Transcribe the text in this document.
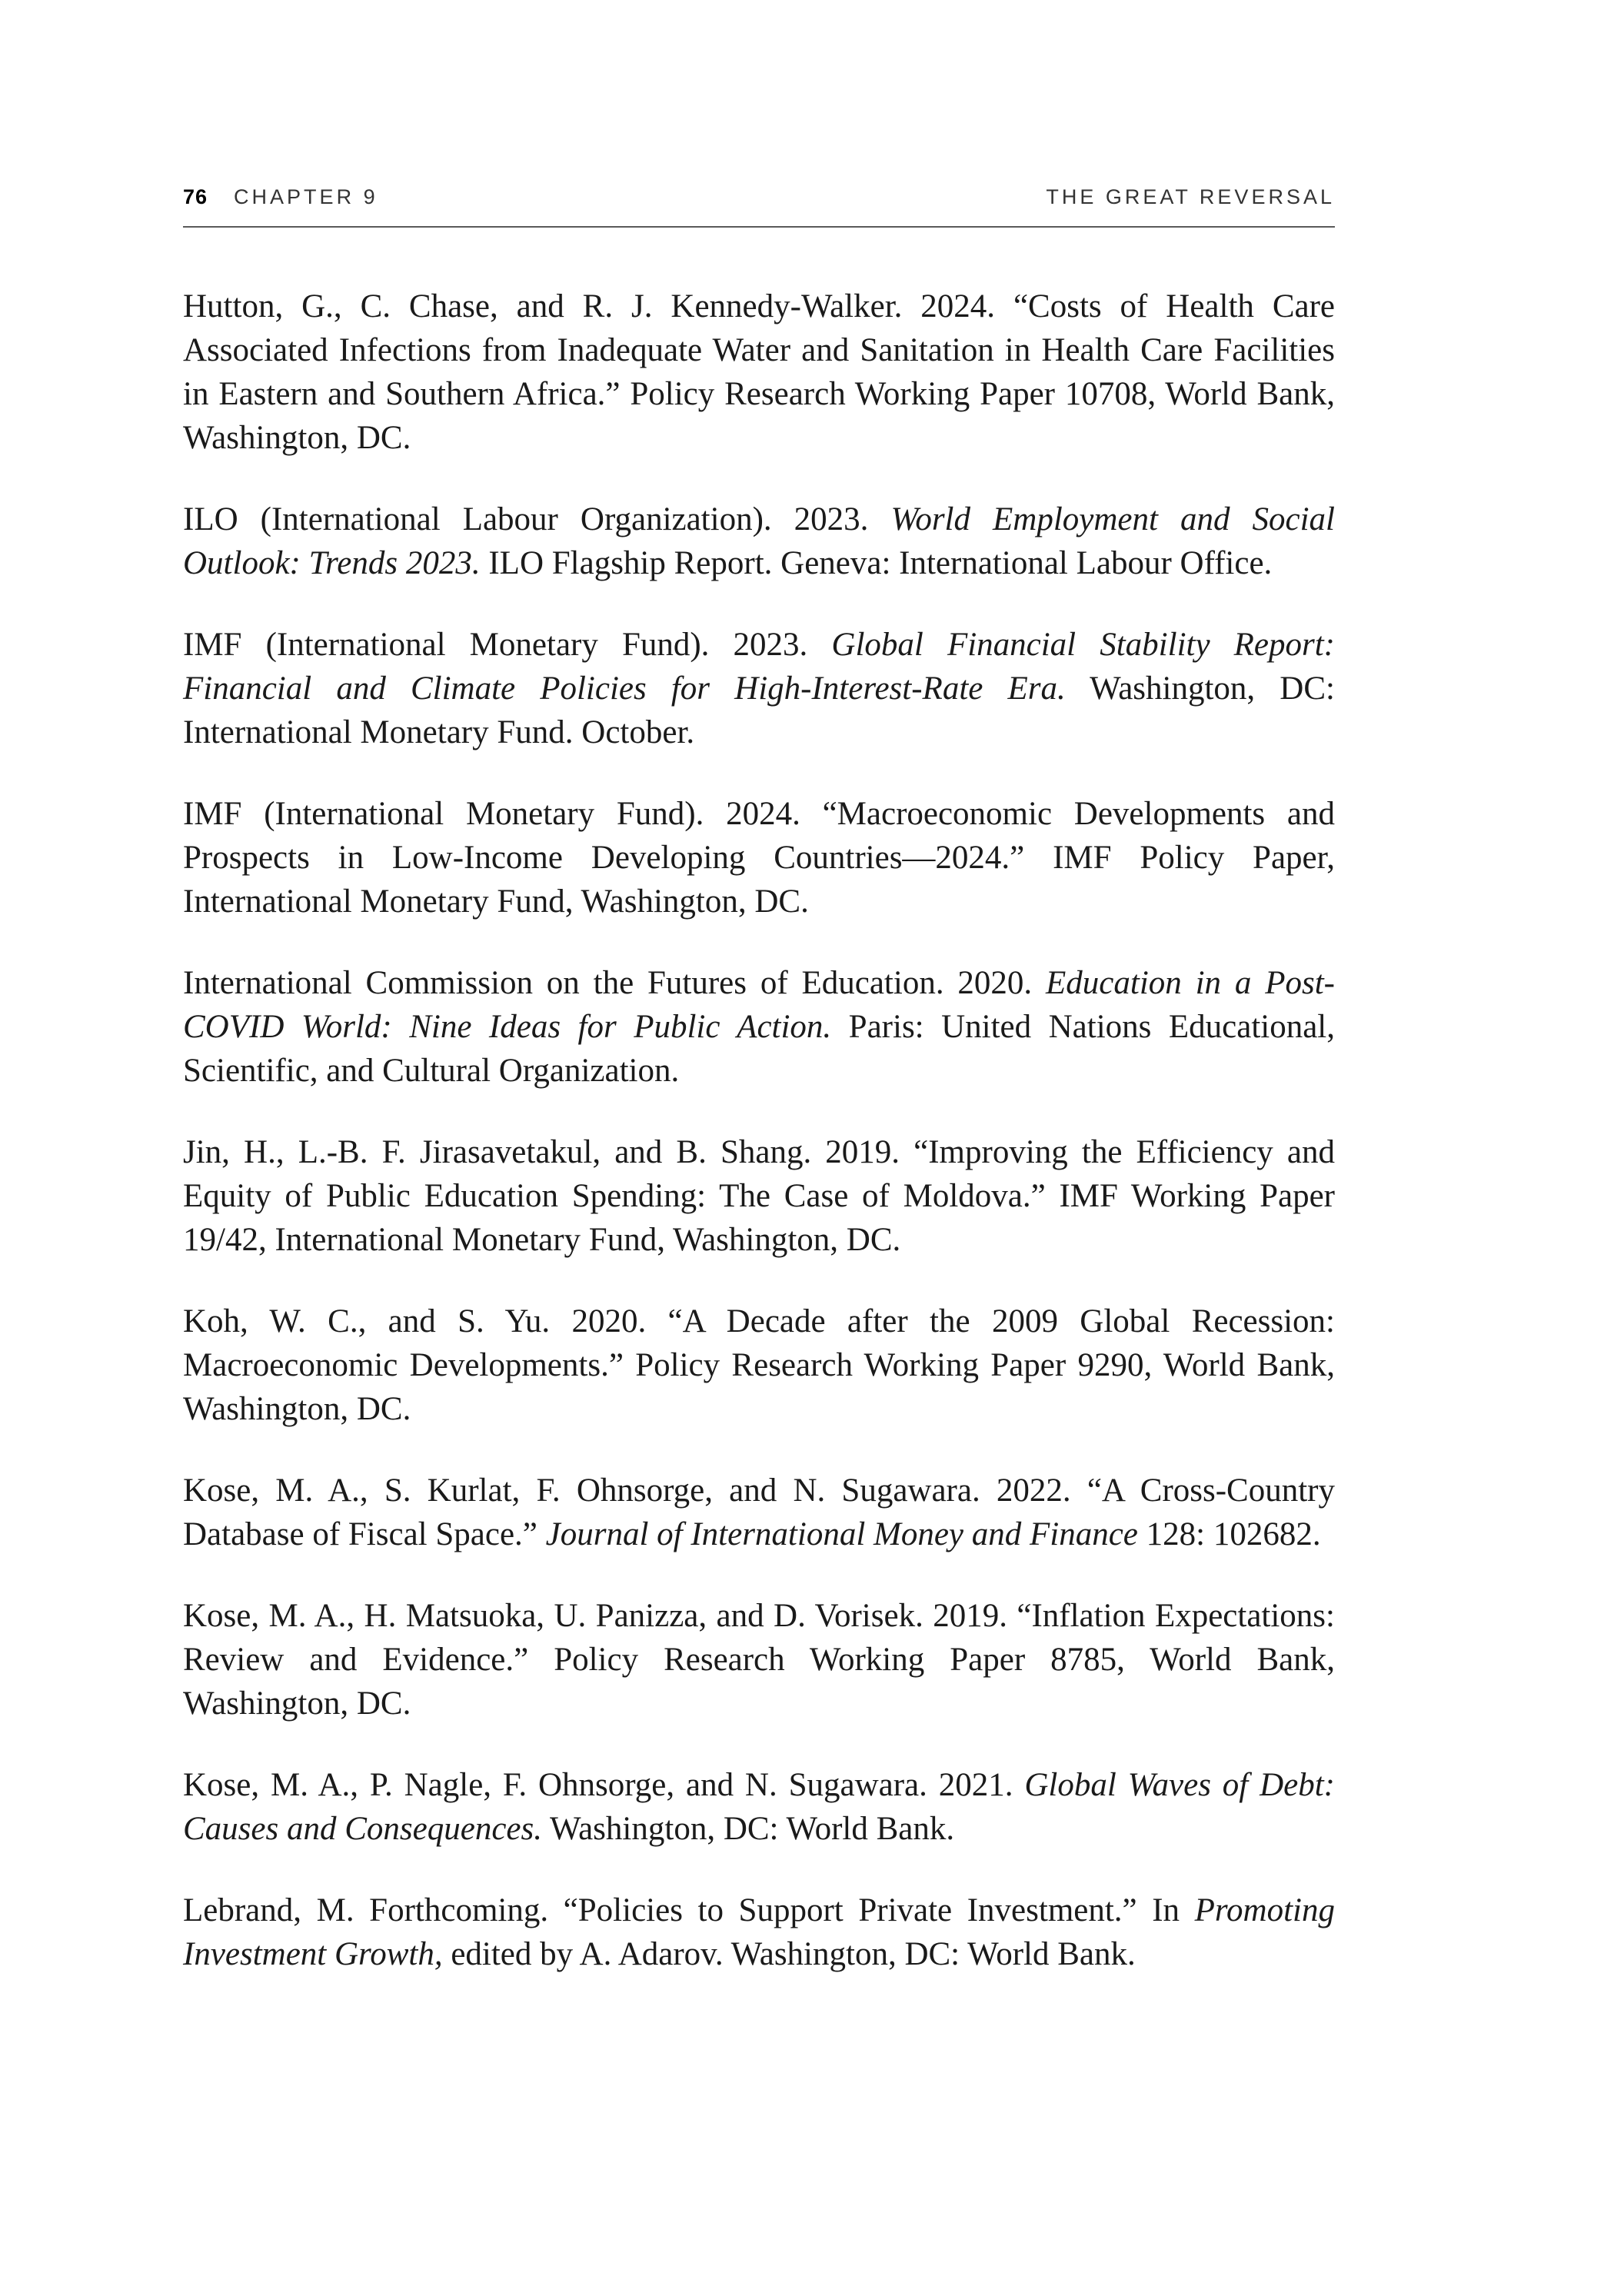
76 CHAPTER 9	THE GREAT REVERSAL

Hutton, G., C. Chase, and R. J. Kennedy-Walker. 2024. “Costs of Health Care Associated Infections from Inadequate Water and Sanitation in Health Care Facilities in Eastern and Southern Africa.” Policy Research Working Paper 10708, World Bank, Washington, DC.

ILO (International Labour Organization). 2023. World Employment and Social Outlook: Trends 2023. ILO Flagship Report. Geneva: International Labour Office.

IMF (International Monetary Fund). 2023. Global Financial Stability Report: Financial and Climate Policies for High-Interest-Rate Era. Washington, DC: International Monetary Fund. October.

IMF (International Monetary Fund). 2024. “Macroeconomic Developments and Prospects in Low-Income Developing Countries—2024.” IMF Policy Paper, International Monetary Fund, Washington, DC.

International Commission on the Futures of Education. 2020. Education in a Post-COVID World: Nine Ideas for Public Action. Paris: United Nations Educational, Scientific, and Cultural Organization.

Jin, H., L.-B. F. Jirasavetakul, and B. Shang. 2019. “Improving the Efficiency and Equity of Public Education Spending: The Case of Moldova.” IMF Working Paper 19/42, International Monetary Fund, Washington, DC.

Koh, W. C., and S. Yu. 2020. “A Decade after the 2009 Global Recession: Macroeconomic Developments.” Policy Research Working Paper 9290, World Bank, Washington, DC.

Kose, M. A., S. Kurlat, F. Ohnsorge, and N. Sugawara. 2022. “A Cross-Country Database of Fiscal Space.” Journal of International Money and Finance 128: 102682.

Kose, M. A., H. Matsuoka, U. Panizza, and D. Vorisek. 2019. “Inflation Expectations: Review and Evidence.” Policy Research Working Paper 8785, World Bank, Washington, DC.

Kose, M. A., P. Nagle, F. Ohnsorge, and N. Sugawara. 2021. Global Waves of Debt: Causes and Consequences. Washington, DC: World Bank.

Lebrand, M. Forthcoming. “Policies to Support Private Investment.” In Promoting Investment Growth, edited by A. Adarov. Washington, DC: World Bank.
